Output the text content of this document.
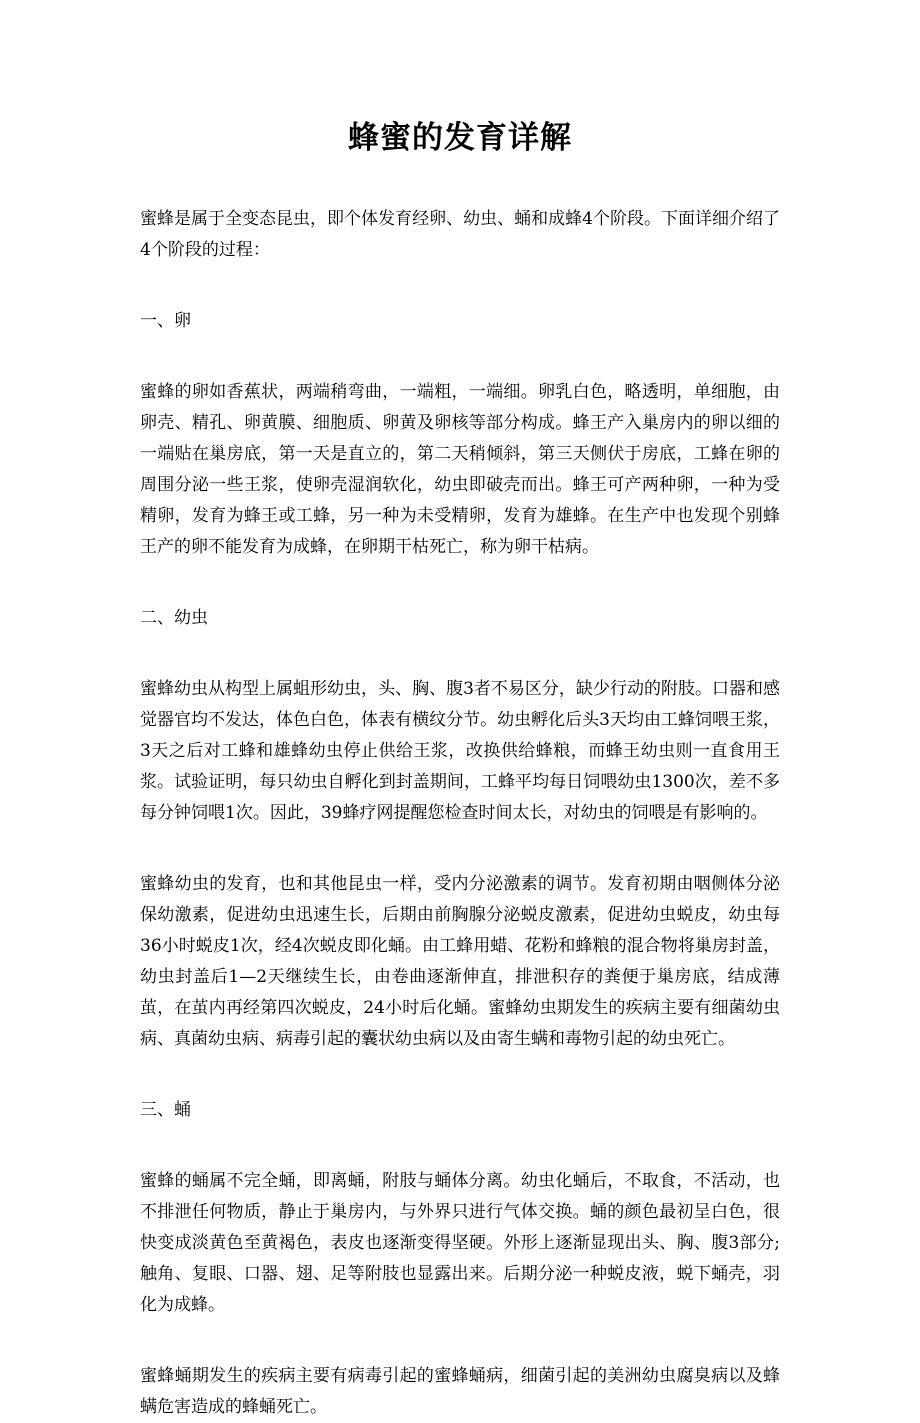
蜂蜜的发育详解

蜜蜂是属于全变态昆虫，即个体发育经卵、幼虫、蛹和成蜂4个阶段。下面详细介绍了4个阶段的过程：

一、卵

蜜蜂的卵如香蕉状，两端稍弯曲，一端粗，一端细。卵乳白色，略透明，单细胞，由卵壳、精孔、卵黄膜、细胞质、卵黄及卵核等部分构成。蜂王产入巢房内的卵以细的一端贴在巢房底，第一天是直立的，第二天稍倾斜，第三天侧伏于房底，工蜂在卵的周围分泌一些王浆，使卵壳湿润软化，幼虫即破壳而出。蜂王可产两种卵，一种为受精卵，发育为蜂王或工蜂，另一种为未受精卵，发育为雄蜂。在生产中也发现个别蜂王产的卵不能发育为成蜂，在卵期干枯死亡，称为卵干枯病。

二、幼虫

蜜蜂幼虫从构型上属蛆形幼虫，头、胸、腹3者不易区分，缺少行动的附肢。口器和感觉器官均不发达，体色白色，体表有横纹分节。幼虫孵化后头3天均由工蜂饲喂王浆，3天之后对工蜂和雄蜂幼虫停止供给王浆，改换供给蜂粮，而蜂王幼虫则一直食用王浆。试验证明，每只幼虫自孵化到封盖期间，工蜂平均每日饲喂幼虫1300次，差不多每分钟饲喂1次。因此，39蜂疗网提醒您检查时间太长，对幼虫的饲喂是有影响的。

蜜蜂幼虫的发育，也和其他昆虫一样，受内分泌激素的调节。发育初期由咽侧体分泌保幼激素，促进幼虫迅速生长，后期由前胸腺分泌蜕皮激素，促进幼虫蜕皮，幼虫每36小时蜕皮1次，经4次蜕皮即化蛹。由工蜂用蜡、花粉和蜂粮的混合物将巢房封盖，幼虫封盖后1—2天继续生长，由卷曲逐渐伸直，排泄积存的粪便于巢房底，结成薄茧，在茧内再经第四次蜕皮，24小时后化蛹。蜜蜂幼虫期发生的疾病主要有细菌幼虫病、真菌幼虫病、病毒引起的囊状幼虫病以及由寄生螨和毒物引起的幼虫死亡。

三、蛹

蜜蜂的蛹属不完全蛹，即离蛹，附肢与蛹体分离。幼虫化蛹后，不取食，不活动，也不排泄任何物质，静止于巢房内，与外界只进行气体交换。蛹的颜色最初呈白色，很快变成淡黄色至黄褐色，表皮也逐渐变得坚硬。外形上逐渐显现出头、胸、腹3部分; 触角、复眼、口器、翅、足等附肢也显露出来。后期分泌一种蜕皮液，蜕下蛹壳，羽化为成蜂。

蜜蜂蛹期发生的疾病主要有病毒引起的蜜蜂蛹病，细菌引起的美洲幼虫腐臭病以及蜂螨危害造成的蜂蛹死亡。
